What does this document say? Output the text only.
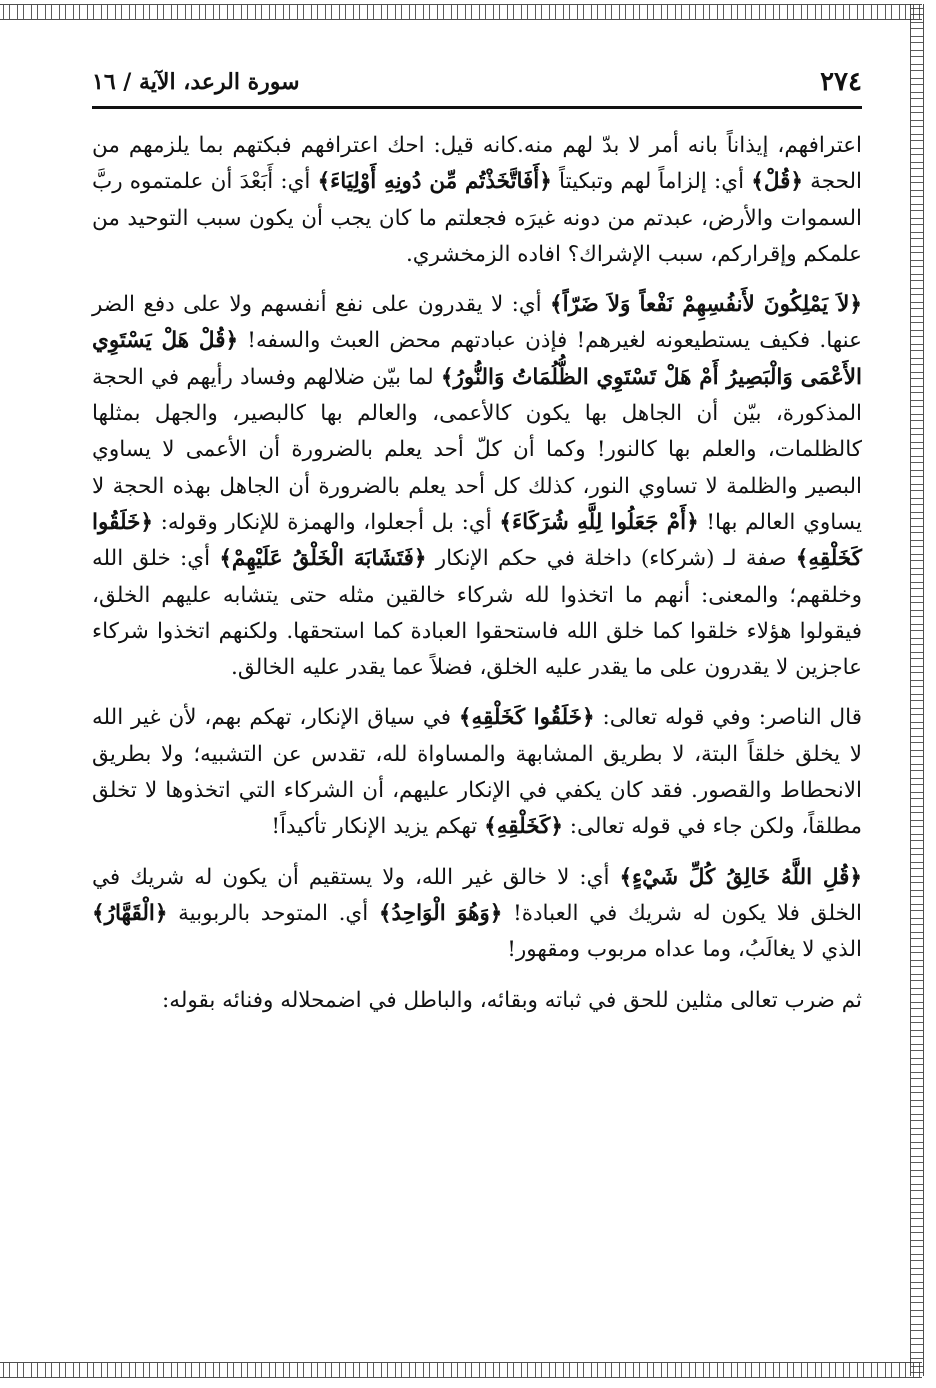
٢٧٤
سورة الرعد، الآية / ١٦

اعترافهم، إيذاناً بانه أمر لا بدّ لهم منه.كانه قيل: احك اعترافهم فبكتهم بما يلزمهم من الحجة ﴿قُلْ﴾ أي: إلزاماً لهم وتبكيتاً ﴿أَفَاتَّخَذْتُم مِّن دُونِهِ أَوْلِيَاءَ﴾ أي: أَبَعْدَ أن علمتموه ربَّ السموات والأرض، عبدتم من دونه غيرَه فجعلتم ما كان يجب أن يكون سبب التوحيد من علمكم وإقراركم، سبب الإشراك؟ افاده الزمخشري.

﴿لاَ يَمْلِكُونَ لأَنفُسِهِمْ نَفْعاً وَلاَ ضَرّاً﴾ أي: لا يقدرون على نفع أنفسهم ولا على دفع الضر عنها. فكيف يستطيعونه لغيرهم! فإذن عبادتهم محض العبث والسفه! ﴿قُلْ هَلْ يَسْتَوِي الأَعْمَى وَالْبَصِيرُ أَمْ هَلْ تَسْتَوِي الظُّلُمَاتُ وَالنُّورُ﴾ لما بيّن ضلالهم وفساد رأيهم في الحجة المذكورة، بيّن أن الجاهل بها يكون كالأعمى، والعالم بها كالبصير، والجهل بمثلها كالظلمات، والعلم بها كالنور! وكما أن كلّ أحد يعلم بالضرورة أن الأعمى لا يساوي البصير والظلمة لا تساوي النور، كذلك كل أحد يعلم بالضرورة أن الجاهل بهذه الحجة لا يساوي العالم بها! ﴿أَمْ جَعَلُوا لِلَّهِ شُرَكَاءَ﴾ أي: بل أجعلوا، والهمزة للإنكار وقوله: ﴿خَلَقُوا كَخَلْقِهِ﴾ صفة لـ (شركاء) داخلة في حكم الإنكار ﴿فَتَشَابَهَ الْخَلْقُ عَلَيْهِمْ﴾ أي: خلق الله وخلقهم؛ والمعنى: أنهم ما اتخذوا لله شركاء خالقين مثله حتى يتشابه عليهم الخلق، فيقولوا هؤلاء خلقوا كما خلق الله فاستحقوا العبادة كما استحقها. ولكنهم اتخذوا شركاء عاجزين لا يقدرون على ما يقدر عليه الخلق، فضلاً عما يقدر عليه الخالق.

قال الناصر: وفي قوله تعالى: ﴿خَلَقُوا كَخَلْقِهِ﴾ في سياق الإنكار، تهكم بهم، لأن غير الله لا يخلق خلقاً البتة، لا بطريق المشابهة والمساواة لله، تقدس عن التشبيه؛ ولا بطريق الانحطاط والقصور. فقد كان يكفي في الإنكار عليهم، أن الشركاء التي اتخذوها لا تخلق مطلقاً، ولكن جاء في قوله تعالى: ﴿كَخَلْقِهِ﴾ تهكم يزيد الإنكار تأكيداً!

﴿قُلِ اللَّهُ خَالِقُ كُلِّ شَيْءٍ﴾ أي: لا خالق غير الله، ولا يستقيم أن يكون له شريك في الخلق فلا يكون له شريك في العبادة! ﴿وَهُوَ الْوَاحِدُ﴾ أي. المتوحد بالربوبية ﴿الْقَهَّارُ﴾ الذي لا يغالَبُ، وما عداه مربوب ومقهور!

ثم ضرب تعالى مثلين للحق في ثباته وبقائه، والباطل في اضمحلاله وفنائه بقوله:
